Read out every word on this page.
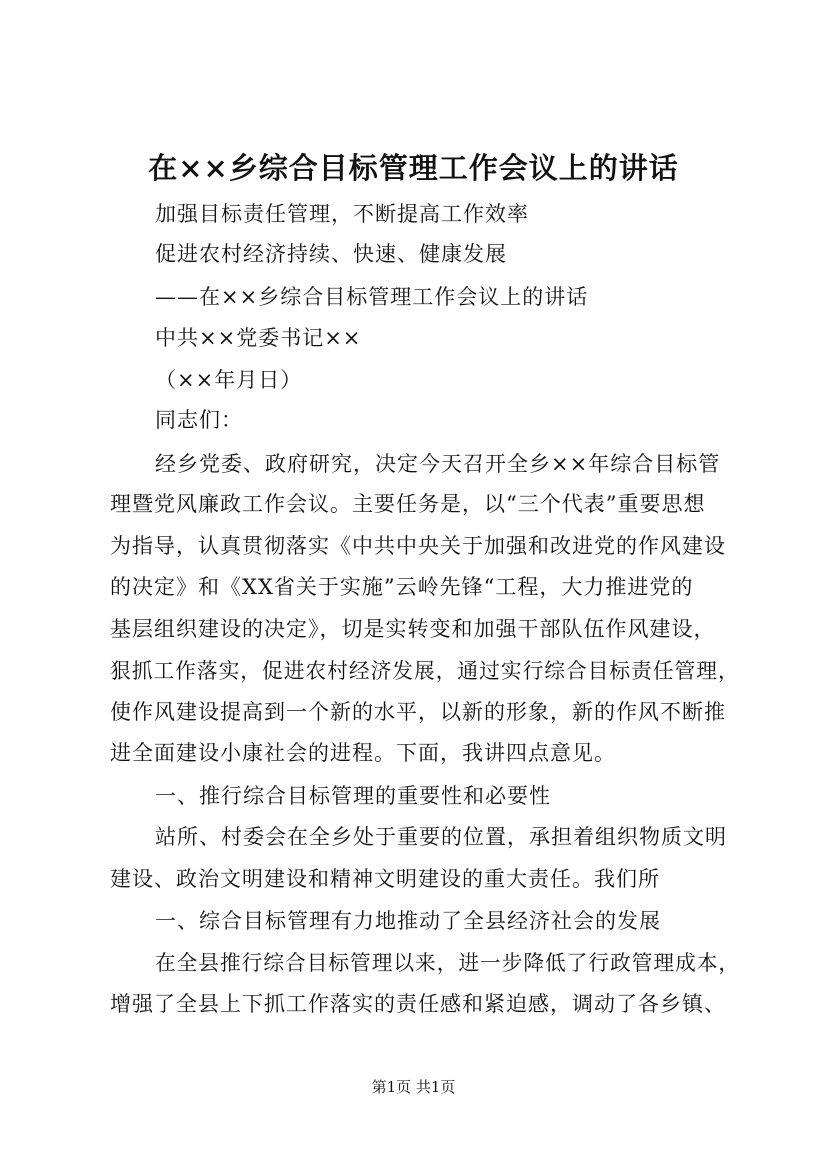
在××乡综合目标管理工作会议上的讲话
加强目标责任管理，不断提高工作效率
促进农村经济持续、快速、健康发展
——在××乡综合目标管理工作会议上的讲话
中共××党委书记××
（××年月日）
同志们：
经乡党委、政府研究，决定今天召开全乡××年综合目标管
理暨党风廉政工作会议。主要任务是，以“三个代表”重要思想
为指导，认真贯彻落实《中共中央关于加强和改进党的作风建设
的决定》和《XX省关于实施”云岭先锋“工程，大力推进党的
基层组织建设的决定》，切是实转变和加强干部队伍作风建设，
狠抓工作落实，促进农村经济发展，通过实行综合目标责任管理，
使作风建设提高到一个新的水平，以新的形象，新的作风不断推
进全面建设小康社会的进程。下面，我讲四点意见。
一、推行综合目标管理的重要性和必要性
站所、村委会在全乡处于重要的位置，承担着组织物质文明
建设、政治文明建设和精神文明建设的重大责任。我们所
一、综合目标管理有力地推动了全县经济社会的发展
在全县推行综合目标管理以来，进一步降低了行政管理成本，
增强了全县上下抓工作落实的责任感和紧迫感，调动了各乡镇、
第1页 共1页
